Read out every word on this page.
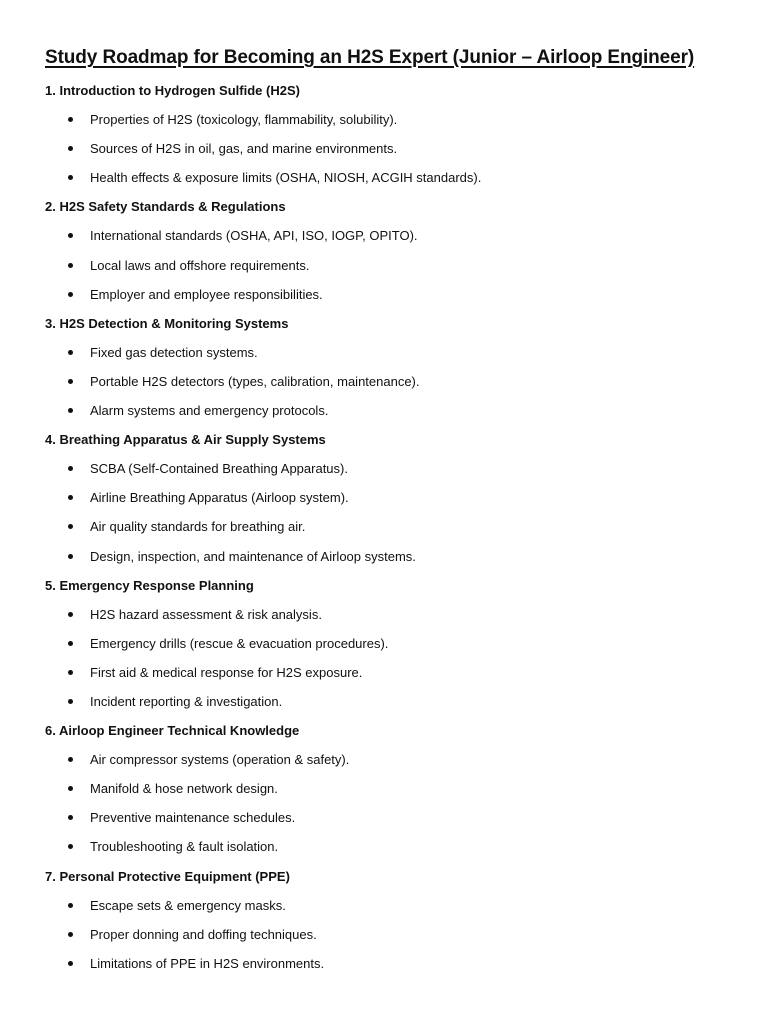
Study Roadmap for Becoming an H2S Expert (Junior – Airloop Engineer)
1. Introduction to Hydrogen Sulfide (H2S)
Properties of H2S (toxicology, flammability, solubility).
Sources of H2S in oil, gas, and marine environments.
Health effects & exposure limits (OSHA, NIOSH, ACGIH standards).
2. H2S Safety Standards & Regulations
International standards (OSHA, API, ISO, IOGP, OPITO).
Local laws and offshore requirements.
Employer and employee responsibilities.
3. H2S Detection & Monitoring Systems
Fixed gas detection systems.
Portable H2S detectors (types, calibration, maintenance).
Alarm systems and emergency protocols.
4. Breathing Apparatus & Air Supply Systems
SCBA (Self-Contained Breathing Apparatus).
Airline Breathing Apparatus (Airloop system).
Air quality standards for breathing air.
Design, inspection, and maintenance of Airloop systems.
5. Emergency Response Planning
H2S hazard assessment & risk analysis.
Emergency drills (rescue & evacuation procedures).
First aid & medical response for H2S exposure.
Incident reporting & investigation.
6. Airloop Engineer Technical Knowledge
Air compressor systems (operation & safety).
Manifold & hose network design.
Preventive maintenance schedules.
Troubleshooting & fault isolation.
7. Personal Protective Equipment (PPE)
Escape sets & emergency masks.
Proper donning and doffing techniques.
Limitations of PPE in H2S environments.
